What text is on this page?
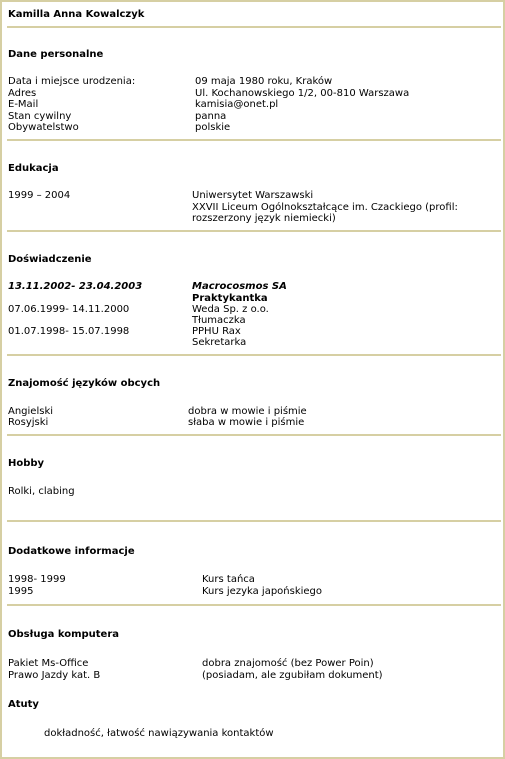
Kamilla Anna Kowalczyk
Dane personalne
Data i miejsce urodzenia:	09 maja 1980 roku, Kraków
Adres	Ul. Kochanowskiego 1/2, 00-810 Warszawa
E-Mail	kamisia@onet.pl
Stan cywilny	panna
Obywatelstwo	polskie
Edukacja
1999 – 2004	Uniwersytet Warszawski
XXVII Liceum Ogólnokształcące im. Czackiego (profil:
rozszerzony język niemiecki)
Doświadczenie
13.11.2002- 23.04.2003	Macrocosmos SA
Praktykantka
07.06.1999- 14.11.2000	Weda Sp. z o.o.
Tłumaczka
01.07.1998- 15.07.1998	PPHU Rax
Sekretarka
Znajomość języków obcych
Angielski	dobra w mowie i piśmie
Rosyjski	słaba w mowie i piśmie
Hobby
Rolki, clabing
Dodatkowe informacje
1998- 1999	Kurs tańca
1995	Kurs jezyka japońskiego
Obsługa komputera
Pakiet Ms-Office	dobra znajomość (bez Power Poin)
Prawo Jazdy kat. B	(posiadam, ale zgubiłam dokument)
Atuty
dokładność, łatwość nawiązywania kontaktów
